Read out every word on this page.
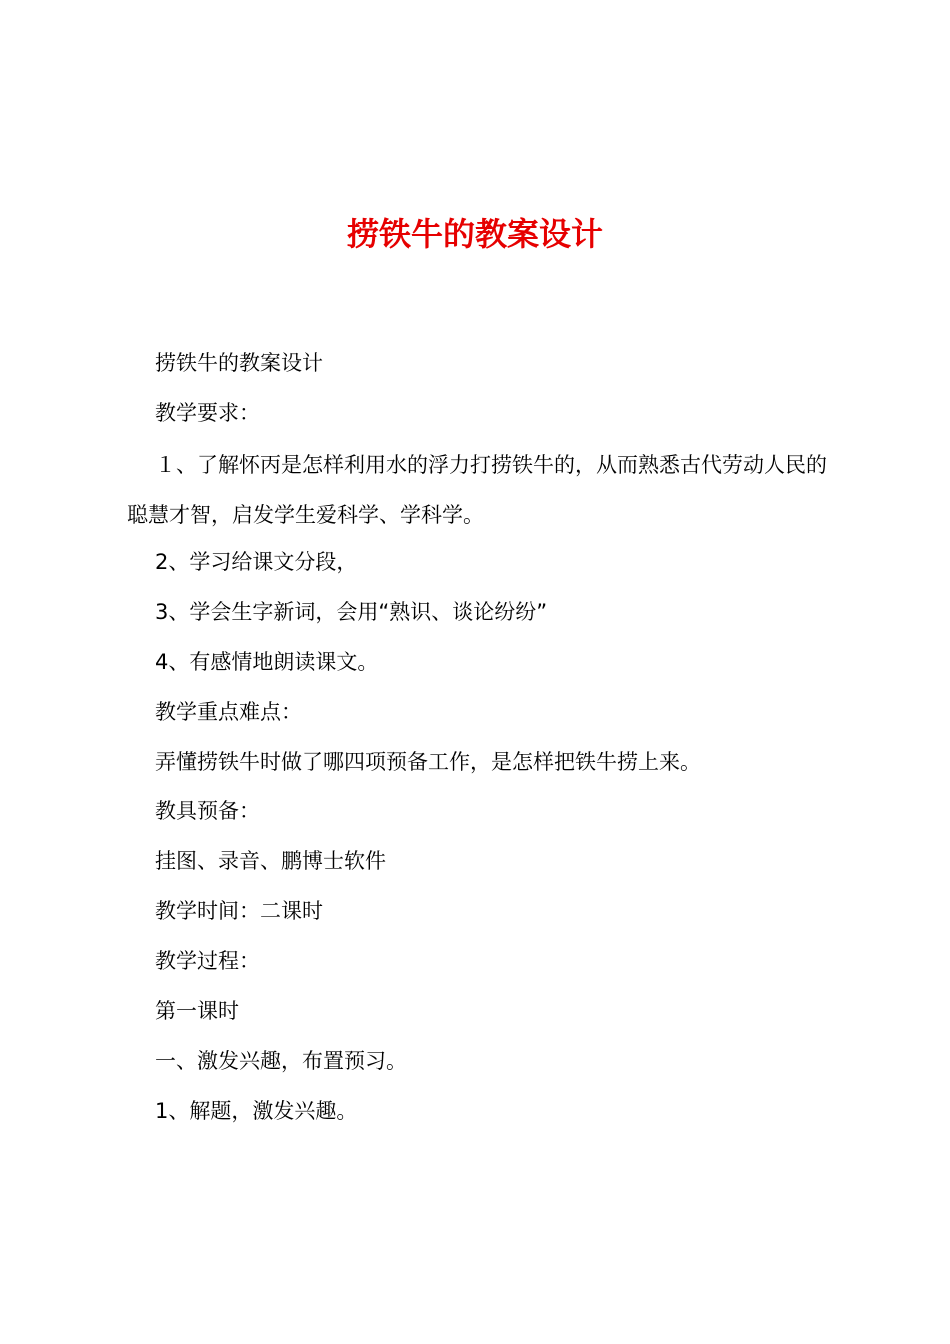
捞铁牛的教案设计

捞铁牛的教案设计

教学要求：

１、了解怀丙是怎样利用水的浮力打捞铁牛的，从而熟悉古代劳动人民的聪慧才智，启发学生爱科学、学科学。

2、学习给课文分段，

3、学会生字新词，会用“熟识、谈论纷纷”

4、有感情地朗读课文。

教学重点难点：

弄懂捞铁牛时做了哪四项预备工作，是怎样把铁牛捞上来。

教具预备：

挂图、录音、鹏博士软件

教学时间：二课时

教学过程：

第一课时

一、激发兴趣，布置预习。

1、解题，激发兴趣。
